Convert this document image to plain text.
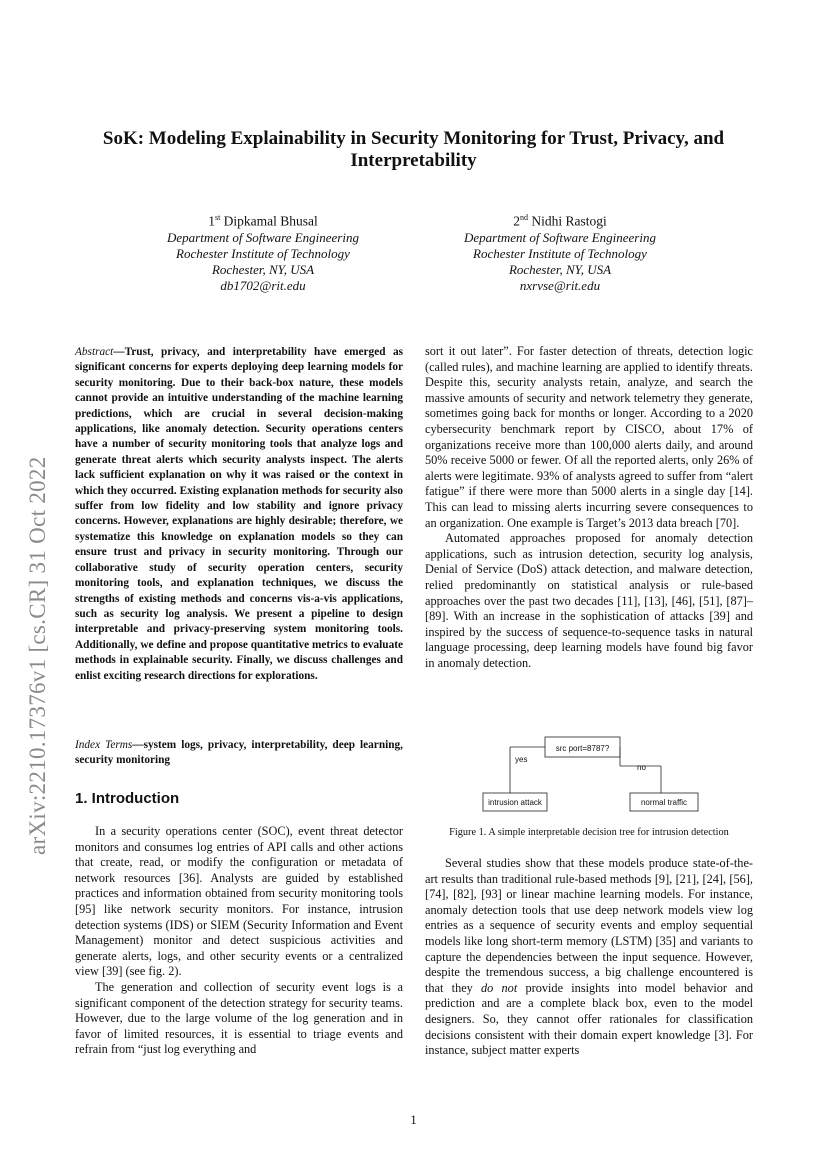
arXiv:2210.17376v1 [cs.CR] 31 Oct 2022
SoK: Modeling Explainability in Security Monitoring for Trust, Privacy, and Interpretability
1st Dipkamal Bhusal
Department of Software Engineering
Rochester Institute of Technology
Rochester, NY, USA
db1702@rit.edu
2nd Nidhi Rastogi
Department of Software Engineering
Rochester Institute of Technology
Rochester, NY, USA
nxrvse@rit.edu
Abstract—Trust, privacy, and interpretability have emerged as significant concerns for experts deploying deep learning models for security monitoring. Due to their back-box nature, these models cannot provide an intuitive understanding of the machine learning predictions, which are crucial in several decision-making applications, like anomaly detection. Security operations centers have a number of security monitoring tools that analyze logs and generate threat alerts which security analysts inspect. The alerts lack sufficient explanation on why it was raised or the context in which they occurred. Existing explanation methods for security also suffer from low fidelity and low stability and ignore privacy concerns. However, explanations are highly desirable; therefore, we systematize this knowledge on explanation models so they can ensure trust and privacy in security monitoring. Through our collaborative study of security operation centers, security monitoring tools, and explanation techniques, we discuss the strengths of existing methods and concerns vis-a-vis applications, such as security log analysis. We present a pipeline to design interpretable and privacy-preserving system monitoring tools. Additionally, we define and propose quantitative metrics to evaluate methods in explainable security. Finally, we discuss challenges and enlist exciting research directions for explorations.
Index Terms—system logs, privacy, interpretability, deep learning, security monitoring
1. Introduction

In a security operations center (SOC), event threat detector monitors and consumes log entries of API calls and other actions that create, read, or modify the configuration or metadata of network resources [36]. Analysts are guided by established practices and information obtained from security monitoring tools [95] like network security monitors. For instance, intrusion detection systems (IDS) or SIEM (Security Information and Event Management) monitor and detect suspicious activities and generate alerts, logs, and other security events or a centralized view [39] (see fig. 2).

The generation and collection of security event logs is a significant component of the detection strategy for security teams. However, due to the large volume of the log generation and in favor of limited resources, it is essential to triage events and refrain from “just log everything and

sort it out later”. For faster detection of threats, detection logic (called rules), and machine learning are applied to identify threats. Despite this, security analysts retain, analyze, and search the massive amounts of security and network telemetry they generate, sometimes going back for months or longer. According to a 2020 cybersecurity benchmark report by CISCO, about 17% of organizations receive more than 100,000 alerts daily, and around 50% receive 5000 or fewer. Of all the reported alerts, only 26% of alerts were legitimate. 93% of analysts agreed to suffer from “alert fatigue” if there were more than 5000 alerts in a single day [14]. This can lead to missing alerts incurring severe consequences to an organization. One example is Target’s 2013 data breach [70].

Automated approaches proposed for anomaly detection applications, such as intrusion detection, security log analysis, Denial of Service (DoS) attack detection, and malware detection, relied predominantly on statistical analysis or rule-based approaches over the past two decades [11], [13], [46], [51], [87]–[89]. With an increase in the sophistication of attacks [39] and inspired by the success of sequence-to-sequence tasks in natural language processing, deep learning models have found big favor in anomaly detection.

src port=8787?
yes
no
intrusion attack	normal traffic
Figure 1. A simple interpretable decision tree for intrusion detection

Several studies show that these models produce state-of-the-art results than traditional rule-based methods [9], [21], [24], [56], [74], [82], [93] or linear machine learning models. For instance, anomaly detection tools that use deep network models view log entries as a sequence of security events and employ sequential models like long short-term memory (LSTM) [35] and variants to capture the dependencies between the input sequence. However, despite the tremendous success, a big challenge encountered is that they do not provide insights into model behavior and prediction and are a complete black box, even to the model designers. So, they cannot offer rationales for classification decisions consistent with their domain expert knowledge [3]. For instance, subject matter experts

1
